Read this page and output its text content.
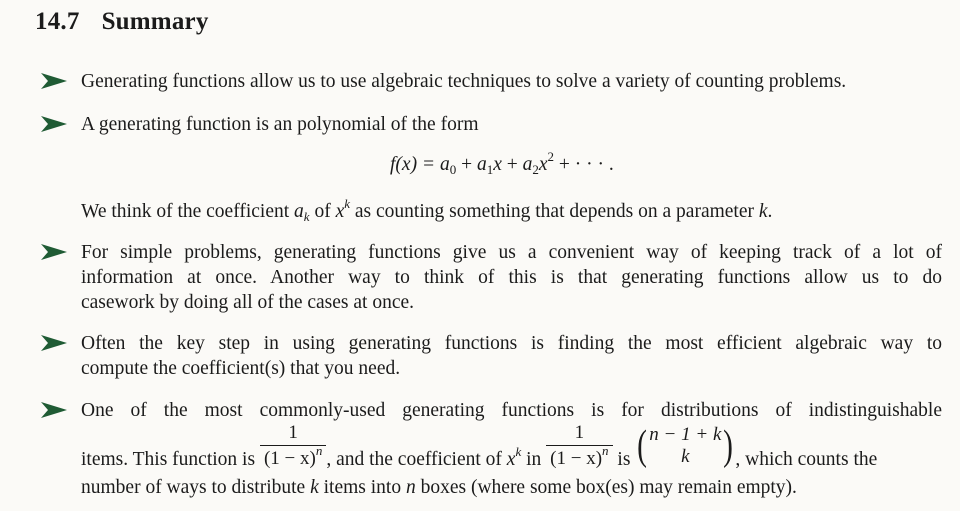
14.7 Summary
Generating functions allow us to use algebraic techniques to solve a variety of counting problems.
A generating function is an polynomial of the form
$f(x) = a_0 + a_1x + a_2x^2$ + · · · .
We think of the coefficient $a_k$ of $x^k$ as counting something that depends on a parameter k.
For simple problems, generating functions give us a convenient way of keeping track of a lot of
information at once. Another way to think of this is that generating functions allow us to do
casework by doing all of the cases at once.
Often the key step in using generating functions is finding the most efficient algebraic way to
compute the coefficient(s) that you need.
One of the most commonly-used generating functions is for distributions of indistinguishable
items. This function is $\frac{1}{(1 - x)^n}$ , and the coefficient of $x^k$ in $\frac{1}{(1 - x)^n}$ is ( n − 1 + k
k ) , which counts the
number of ways to distribute k items into n boxes (where some box(es) may remain empty).
